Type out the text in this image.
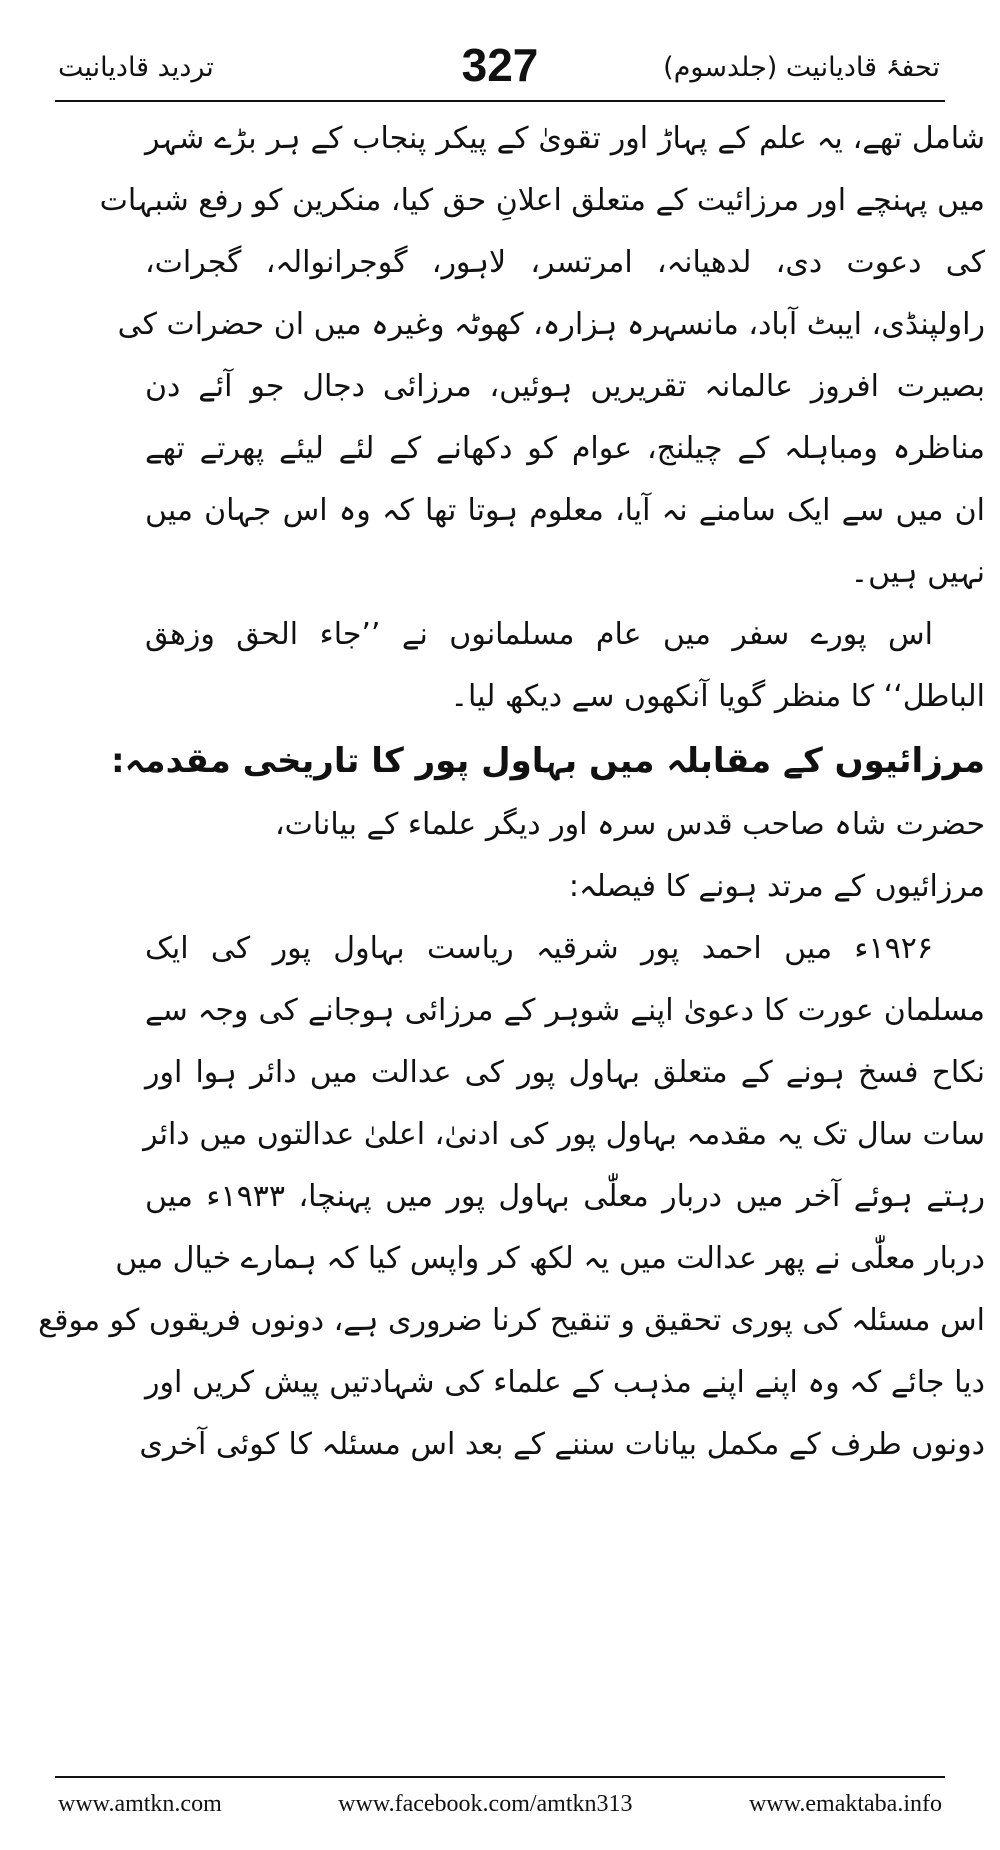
تردید قادیانیت	327	تحفۂ قادیانیت (جلدسوم)
شامل تھے، یہ علم کے پہاڑ اور تقویٰ کے پیکر پنجاب کے ہر بڑے شہر
میں پہنچے اور مرزائیت کے متعلق اعلانِ حق کیا، منکرین کو رفع شبہات
کی دعوت دی، لدھیانہ، امرتسر، لاہور، گوجرانوالہ، گجرات،
راولپنڈی، ایبٹ آباد، مانسہرہ ہزارہ، کھوٹہ وغیرہ میں ان حضرات کی
بصیرت افروز عالمانہ تقریریں ہوئیں، مرزائی دجال جو آئے دن
مناظرہ ومباہلہ کے چیلنج، عوام کو دکھانے کے لئے لیئے پھرتے تھے
ان میں سے ایک سامنے نہ آیا، معلوم ہوتا تھا کہ وہ اس جہان میں
نہیں ہیں۔
اس پورے سفر میں عام مسلمانوں نے ’’جاء الحق وزھق
الباطل‘‘ کا منظر گویا آنکھوں سے دیکھ لیا۔
مرزائیوں کے مقابلہ میں بہاول پور کا تاریخی مقدمہ:
حضرت شاہ صاحب قدس سرہ اور دیگر علماء کے بیانات،
مرزائیوں کے مرتد ہونے کا فیصلہ:
۱۹۲۶ء میں احمد پور شرقیہ ریاست بہاول پور کی ایک
مسلمان عورت کا دعویٰ اپنے شوہر کے مرزائی ہوجانے کی وجہ سے
نکاح فسخ ہونے کے متعلق بہاول پور کی عدالت میں دائر ہوا اور
سات سال تک یہ مقدمہ بہاول پور کی ادنیٰ، اعلیٰ عدالتوں میں دائر
رہتے ہوئے آخر میں دربار معلّٰی بہاول پور میں پہنچا، ۱۹۳۳ء میں
دربار معلّٰی نے پھر عدالت میں یہ لکھ کر واپس کیا کہ ہمارے خیال میں
اس مسئلہ کی پوری تحقیق و تنقیح کرنا ضروری ہے، دونوں فریقوں کو موقع
دیا جائے کہ وہ اپنے اپنے مذہب کے علماء کی شہادتیں پیش کریں اور
دونوں طرف کے مکمل بیانات سننے کے بعد اس مسئلہ کا کوئی آخری
www.amtkn.com	www.facebook.com/amtkn313	www.emaktaba.info
